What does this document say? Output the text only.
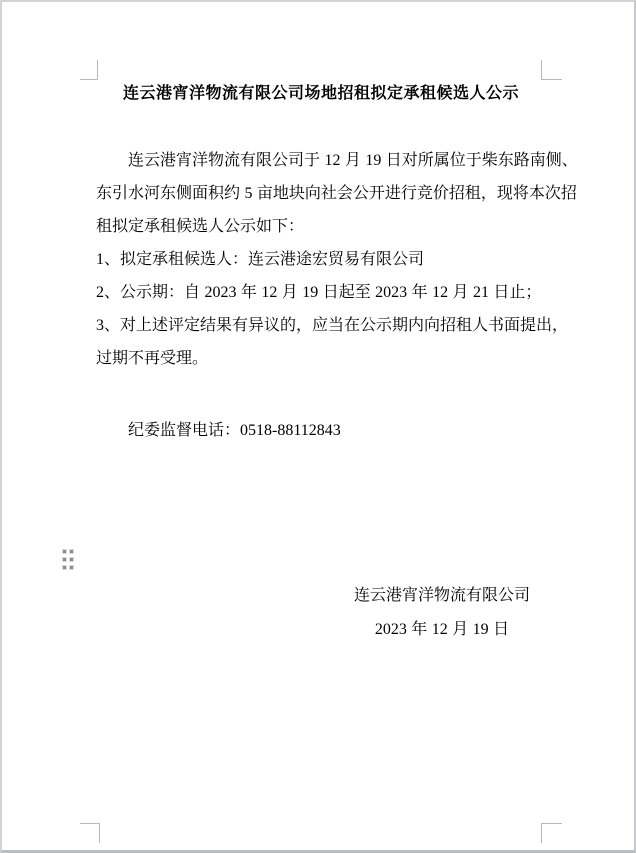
连云港宵洋物流有限公司场地招租拟定承租候选人公示
连云港宵洋物流有限公司于 12 月 19 日对所属位于柴东路南侧、
东引水河东侧面积约 5 亩地块向社会公开进行竞价招租，现将本次招
租拟定承租候选人公示如下：
1、拟定承租候选人：连云港途宏贸易有限公司
2、公示期：自 2023 年 12 月 19 日起至 2023 年 12 月 21 日止；
3、对上述评定结果有异议的，应当在公示期内向招租人书面提出，
过期不再受理。
纪委监督电话：0518-88112843
连云港宵洋物流有限公司
2023 年 12 月 19 日
